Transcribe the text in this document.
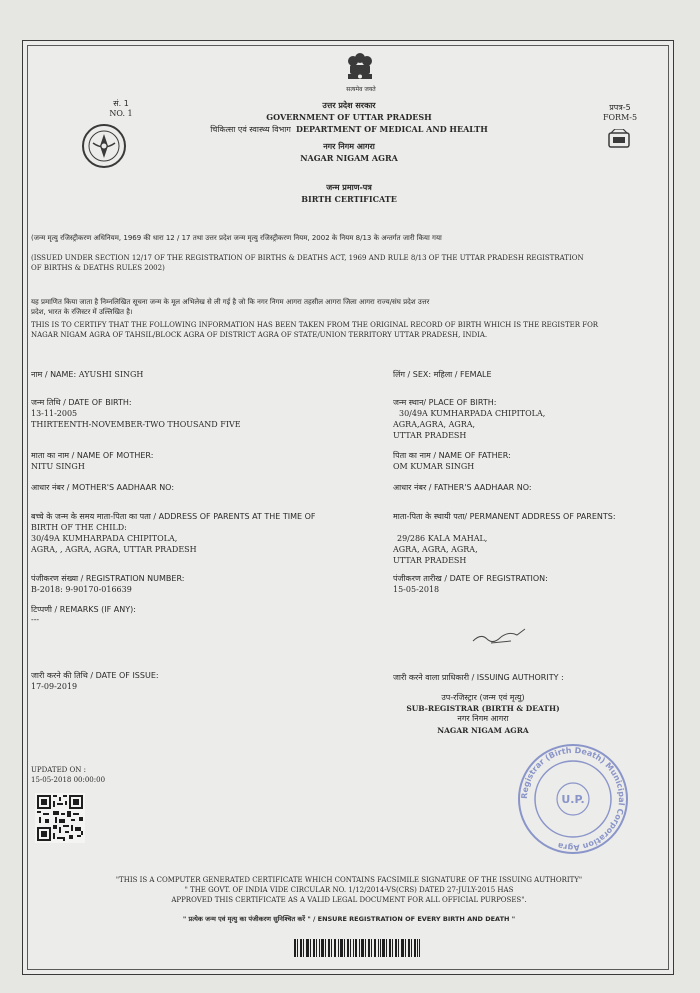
सत्यमेव जयते
सं. 1
NO. 1
प्रपत्र-5
FORM-5
उत्तर प्रदेश सरकार
GOVERNMENT OF UTTAR PRADESH
चिकित्सा एवं स्वास्थ्य विभाग DEPARTMENT OF MEDICAL AND HEALTH
नगर निगम आगरा
NAGAR NIGAM AGRA
जन्म प्रमाण-पत्र
BIRTH CERTIFICATE
(जन्म मृत्यु रजिस्ट्रीकरण अधिनियम, 1969 की धारा 12 / 17 तथा उत्तर प्रदेश जन्म मृत्यु रजिस्ट्रीकरण नियम, 2002 के नियम 8/13 के अन्तर्गत जारी किया गया
(ISSUED UNDER SECTION 12/17 OF THE REGISTRATION OF BIRTHS & DEATHS ACT, 1969 AND RULE 8/13 OF THE UTTAR PRADESH REGISTRATION
OF BIRTHS & DEATHS RULES 2002)
यह प्रमाणित किया जाता है निम्नलिखित सूचना जन्म के मूल अभिलेख से ली गई है जो कि नगर निगम आगरा तहसील आगरा जिला आगरा राज्य/संघ प्रदेश उत्तर
प्रदेश, भारत के रजिस्टर में उल्लिखित है।
THIS IS TO CERTIFY THAT THE FOLLOWING INFORMATION HAS BEEN TAKEN FROM THE ORIGINAL RECORD OF BIRTH WHICH IS THE REGISTER FOR
NAGAR NIGAM AGRA OF TAHSIL/BLOCK AGRA OF DISTRICT AGRA OF STATE/UNION TERRITORY UTTAR PRADESH, INDIA.
नाम / NAME: AYUSHI SINGH
जन्म तिथि / DATE OF BIRTH:
13-11-2005
THIRTEENTH-NOVEMBER-TWO THOUSAND FIVE
माता का नाम / NAME OF MOTHER:
NITU SINGH
आधार नंबर / MOTHER'S AADHAAR NO:
बच्चे के जन्म के समय माता-पिता का पता / ADDRESS OF PARENTS AT THE TIME OF
BIRTH OF THE CHILD:
30/49A KUMHARPADA CHIPITOLA,
AGRA, , AGRA, AGRA, UTTAR PRADESH
पंजीकरण संख्या / REGISTRATION NUMBER:
B-2018: 9-90170-016639
टिप्पणी / REMARKS (IF ANY):
---
लिंग / SEX: महिला / FEMALE
जन्म स्थान/ PLACE OF BIRTH:
30/49A KUMHARPADA CHIPITOLA,
AGRA,AGRA, AGRA,
UTTAR PRADESH
पिता का नाम / NAME OF FATHER:
OM KUMAR SINGH
आधार नंबर / FATHER'S AADHAAR NO:
माता-पिता के स्थायी पता/ PERMANENT ADDRESS OF PARENTS:
29/286 KALA MAHAL,
AGRA, AGRA, AGRA,
UTTAR PRADESH
पंजीकरण तारीख / DATE OF REGISTRATION:
15-05-2018
जारी करने की तिथि / DATE OF ISSUE:
17-09-2019
जारी करने वाला प्राधिकारी / ISSUING AUTHORITY :
उप-रजिस्ट्रार (जन्म एवं मृत्यु)
SUB-REGISTRAR (BIRTH & DEATH)
नगर निगम आगरा
NAGAR NIGAM AGRA
UPDATED ON :
15-05-2018 00:00:00
Registrar (Birth Death) Municipal Corporation Agra
U.P.
"THIS IS A COMPUTER GENERATED CERTIFICATE WHICH CONTAINS FACSIMILE SIGNATURE OF THE ISSUING AUTHORITY"
" THE GOVT. OF INDIA VIDE CIRCULAR NO. 1/12/2014-VS(CRS) DATED 27-JULY-2015 HAS
APPROVED THIS CERTIFICATE AS A VALID LEGAL DOCUMENT FOR ALL OFFICIAL PURPOSES".
" प्रत्येक जन्म एवं मृत्यु का पंजीकरण सुनिश्चित करें " / ENSURE REGISTRATION OF EVERY BIRTH AND DEATH "
